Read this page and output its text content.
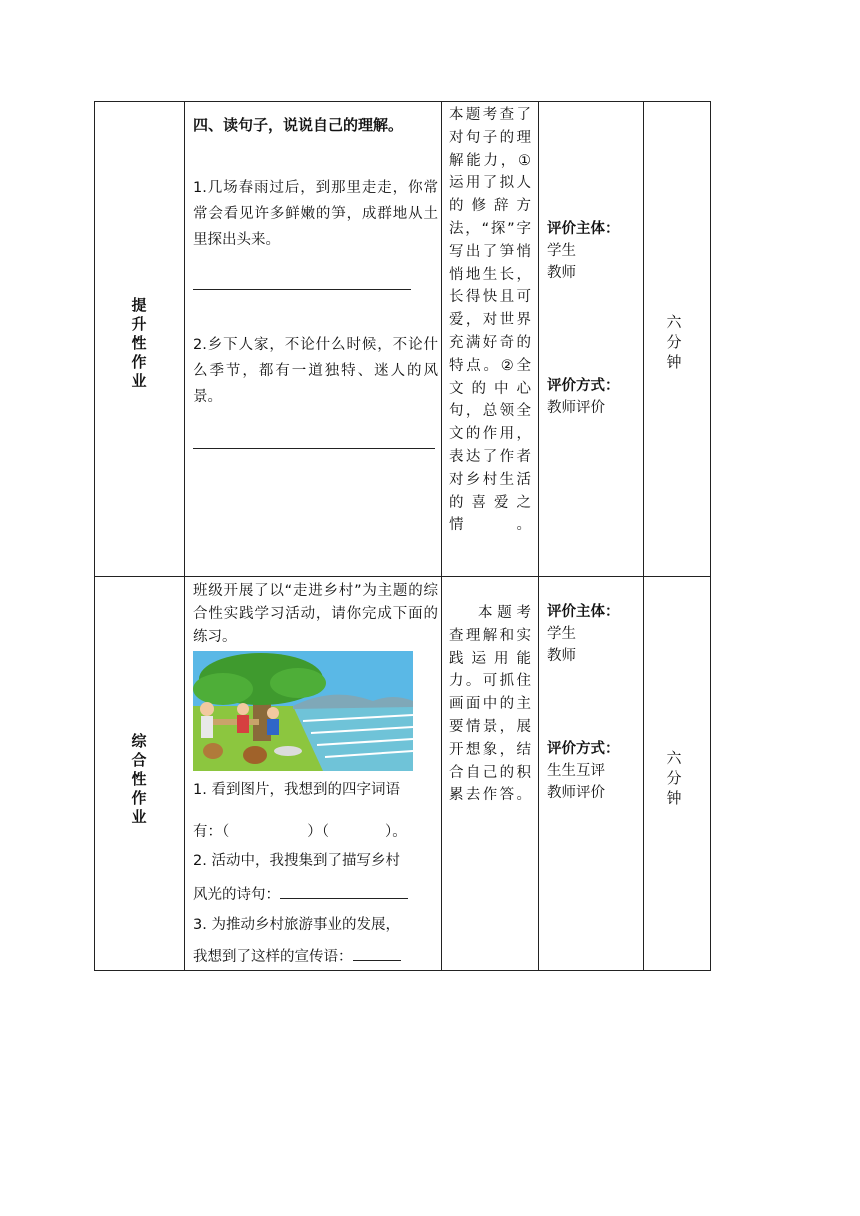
提升性作业
四、读句子，说说自己的理解。
1.几场春雨过后，到那里走走，你常常会看见许多鲜嫩的笋，成群地从土里探出头来。
2.乡下人家，不论什么时候，不论什么季节，都有一道独特、迷人的风景。
本题考查了对句子的理解能力，①运用了拟人的修辞方法，“探”字写出了笋悄悄地生长，长得快且可爱，对世界充满好奇的特点。②全文的中心句，总领全文的作用，表达了作者对乡村生活的喜爱之情。
评价主体：
学生
教师
评价方式：
教师评价
六分钟
综合性作业
班级开展了以“走进乡村”为主题的综合性实践学习活动，请你完成下面的练习。
1. 看到图片，我想到的四字词语
有：（	）（	）。
2. 活动中，我搜集到了描写乡村
风光的诗句：
3. 为推动乡村旅游事业的发展，
我想到了这样的宣传语：
本题考查理解和实践运用能力。可抓住画面中的主要情景，展开想象，结合自己的积累去作答。
评价主体：
学生
教师
评价方式：
生生互评
教师评价
六分钟
